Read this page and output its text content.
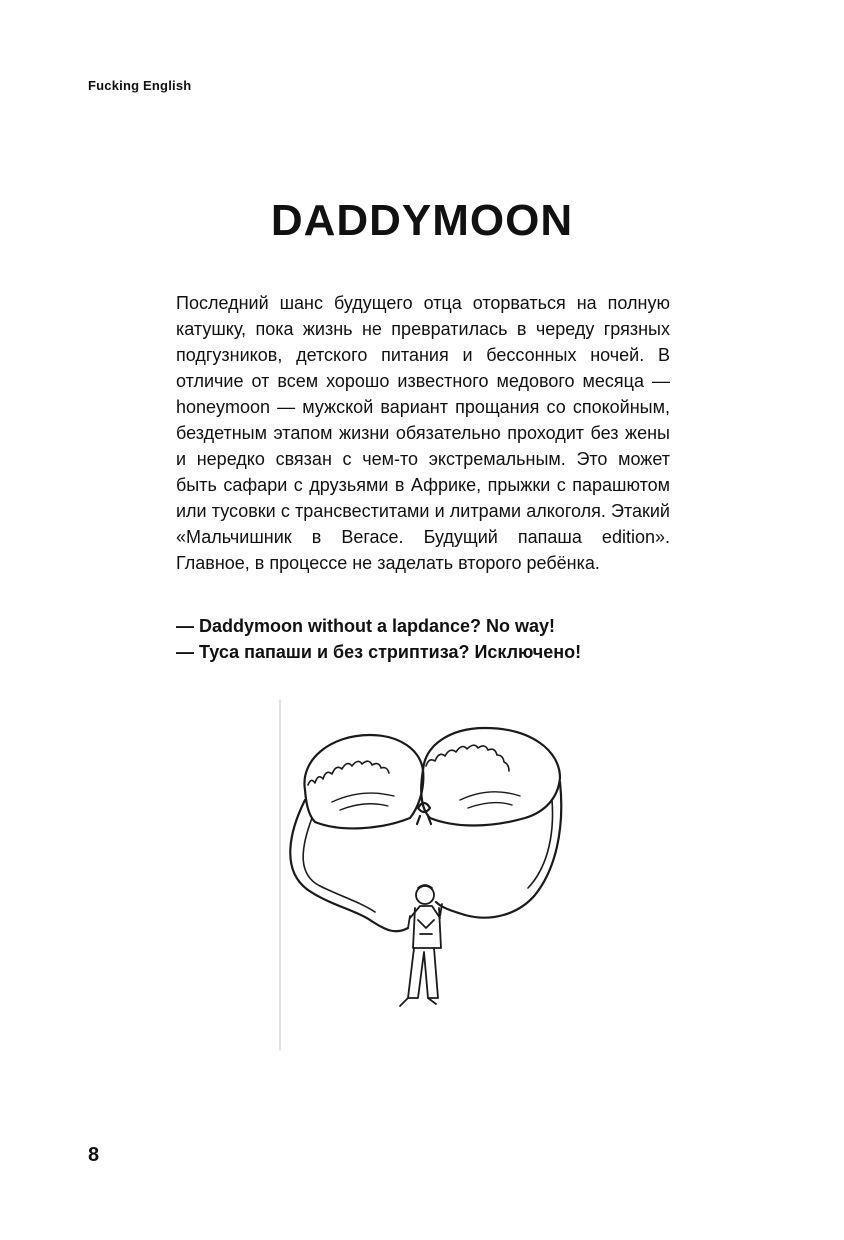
Fucking English
DADDYMOON

Последний шанс будущего отца оторваться на полную катушку, пока жизнь не превратилась в череду грязных подгузников, детского питания и бессонных ночей. В отличие от всем хорошо известного медового месяца — honeymoon — мужской вариант прощания со спокойным, бездетным этапом жизни обязательно проходит без жены и нередко связан с чем-то экстремальным. Это может быть сафари с друзьями в Африке, прыжки с парашютом или тусовки с трансвеститами и литрами алкоголя. Этакий «Мальчишник в Вегасе. Будущий папаша edition». Главное, в процессе не заделать второго ребёнка.

— Daddymoon without a lapdance? No way!
— Туса папаши и без стриптиза? Исключено!
8
